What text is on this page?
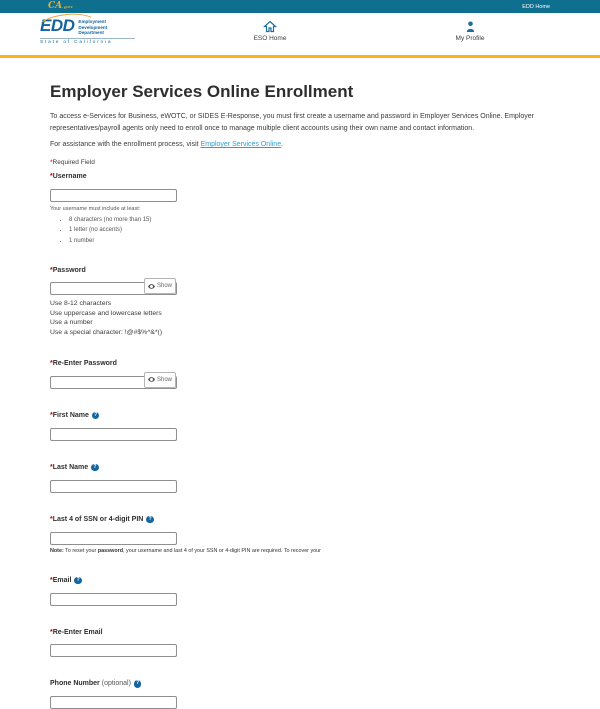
CA.gov	EDD Home
EDD Employment
Development
Department
State of California
ESO Home	My Profile
Employer Services Online Enrollment

To access e-Services for Business, eWOTC, or SIDES E-Response, you must first create a username and password in Employer Services Online. Employer representatives/payroll agents only need to enroll once to manage multiple client accounts using their own name and contact information.

For assistance with the enrollment process, visit Employer Services Online.

*Required Field

*Username
Your username must include at least:
• 8 characters (no more than 15)
• 1 letter (no accents)
• 1 number
*Password
Show
Use 8-12 characters
Use uppercase and lowercase letters
Use a number
Use a special character: !@#$%^&*()
*Re-Enter Password
Show
*First Name	?
*Last Name	?
*Last 4 of SSN or 4-digit PIN	?
Note: To reset your password, your username and last 4 of your SSN or 4-digit PIN are required. To recover your
*Email	?
*Re-Enter Email
Phone Number (optional)	?
